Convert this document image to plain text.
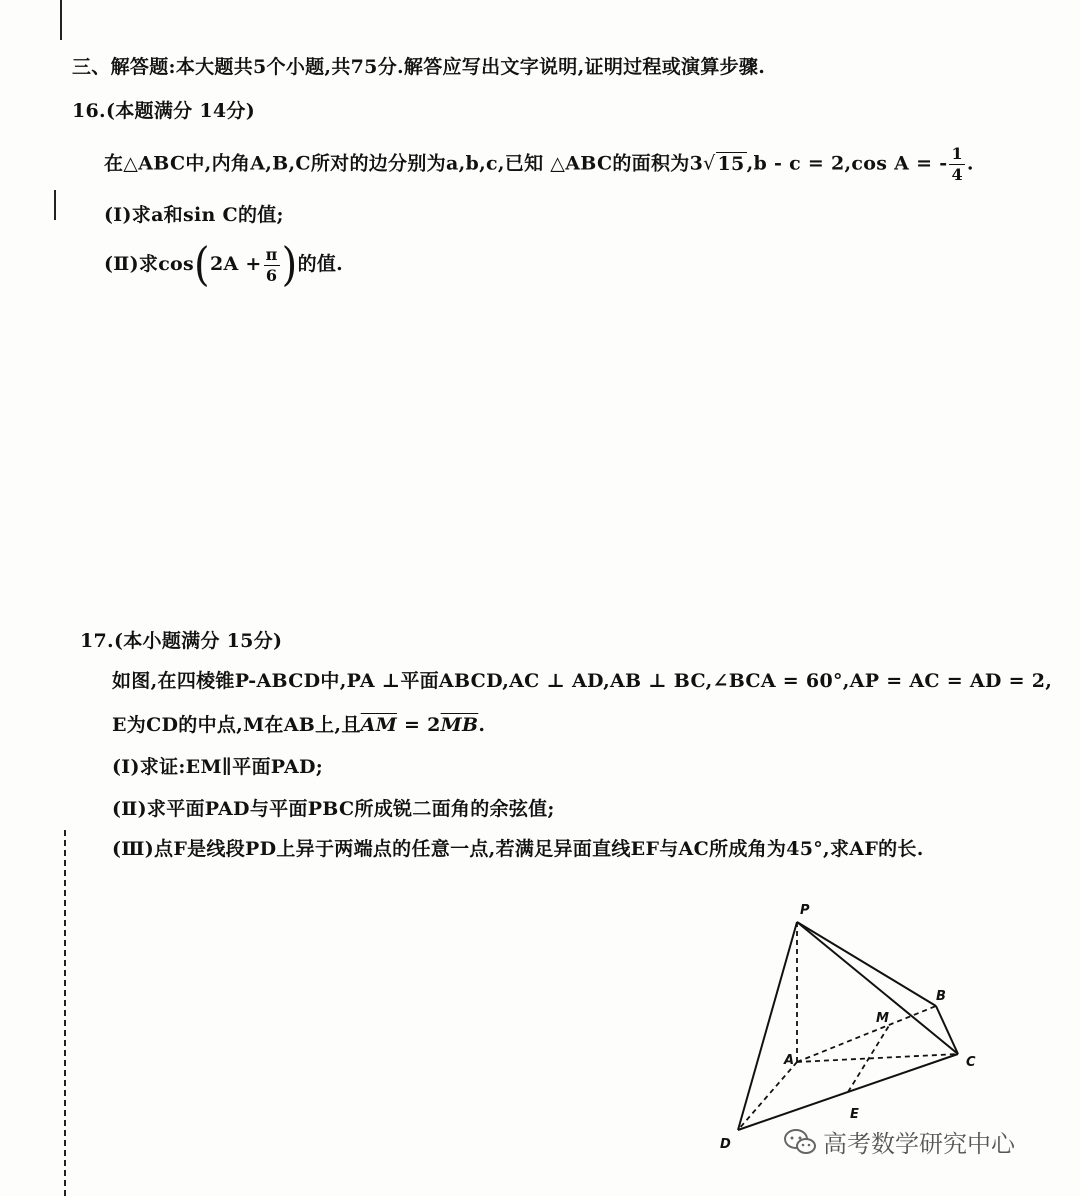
三、解答题:本大题共5个小题,共75分.解答应写出文字说明,证明过程或演算步骤.
16.(本题满分 14分)
在△ABC中,内角A,B,C所对的边分别为a,b,c,已知 △ABC的面积为3√ 15 ,b - c = 2,cos A = - $\frac{1}{4}$ .
(Ⅰ)求a和sin C的值;
(Ⅱ)求$\cos(2A + \frac{\pi}{6}$ )的值.
17.(本小题满分 15分)
如图,在四棱锥P-ABCD中,PA ⊥平面ABCD,AC ⊥ AD,AB ⊥ BC,∠BCA = 60°,AP = AC = AD = 2,
E为CD的中点,M在AB上,且$\overline{AM} = 2\overline{MB}$.
(Ⅰ)求证:EM∥平面PAD;
(Ⅱ)求平面PAD与平面PBC所成锐二面角的余弦值;
(Ⅲ)点F是线段PD上异于两端点的任意一点,若满足异面直线EF与AC所成角为45°,求AF的长.
P
A
B
C
D
E
M
高考数学研究中心
